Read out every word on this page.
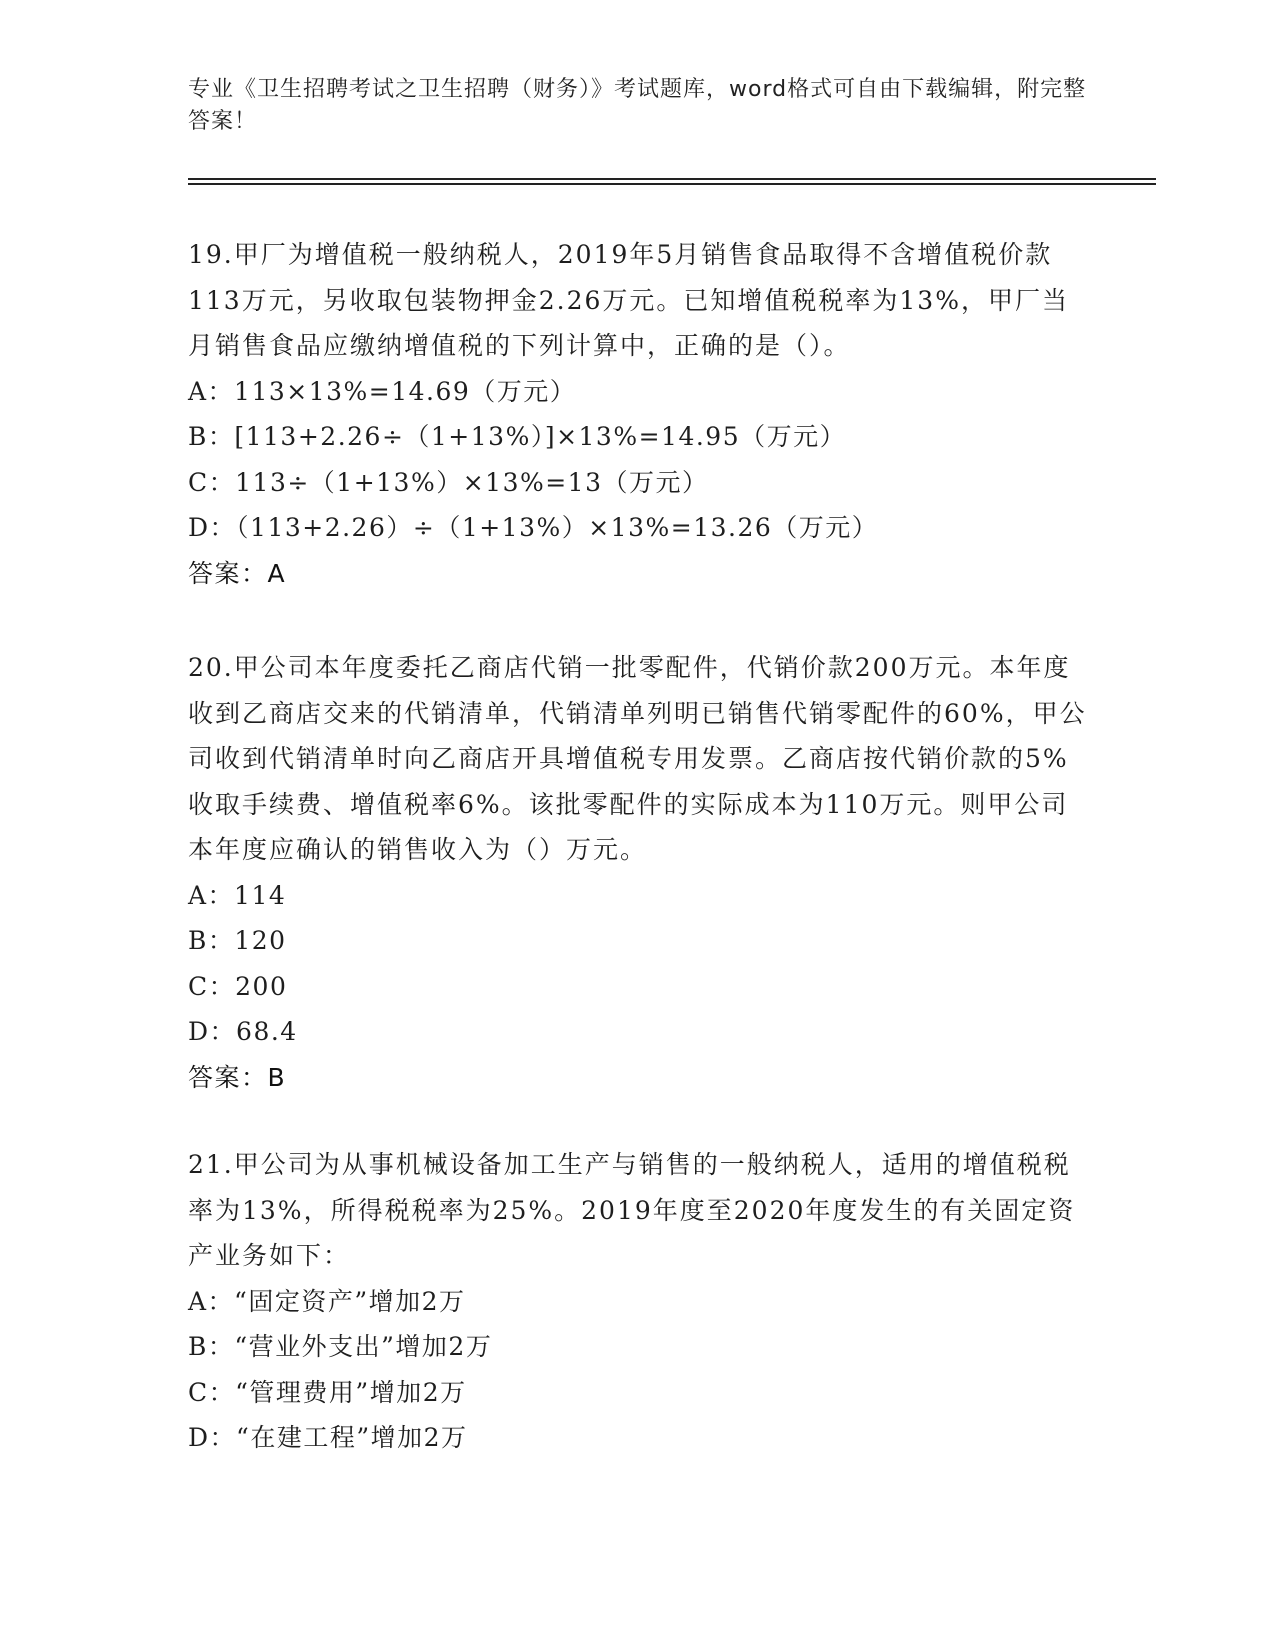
专业《卫生招聘考试之卫生招聘（财务）》考试题库，word格式可自由下载编辑，附完整答案！

19.甲厂为增值税一般纳税人，2019年5月销售食品取得不含增值税价款113万元，另收取包装物押金2.26万元。已知增值税税率为13%，甲厂当月销售食品应缴纳增值税的下列计算中，正确的是（）。

A：113×13%=14.69（万元）
B：[113+2.26÷（1+13%）]×13%=14.95（万元）
C：113÷（1+13%）×13%=13（万元）
D：（113+2.26）÷（1+13%）×13%=13.26（万元）
答案：A

20.甲公司本年度委托乙商店代销一批零配件，代销价款200万元。本年度收到乙商店交来的代销清单，代销清单列明已销售代销零配件的60%，甲公司收到代销清单时向乙商店开具增值税专用发票。乙商店按代销价款的5%收取手续费、增值税率6%。该批零配件的实际成本为110万元。则甲公司本年度应确认的销售收入为（）万元。

A：114
B：120
C：200
D：68.4
答案：B

21.甲公司为从事机械设备加工生产与销售的一般纳税人，适用的增值税税率为13%，所得税税率为25%。2019年度至2020年度发生的有关固定资产业务如下：

A：“固定资产”增加2万
B：“营业外支出”增加2万
C：“管理费用”增加2万
D：“在建工程”增加2万
